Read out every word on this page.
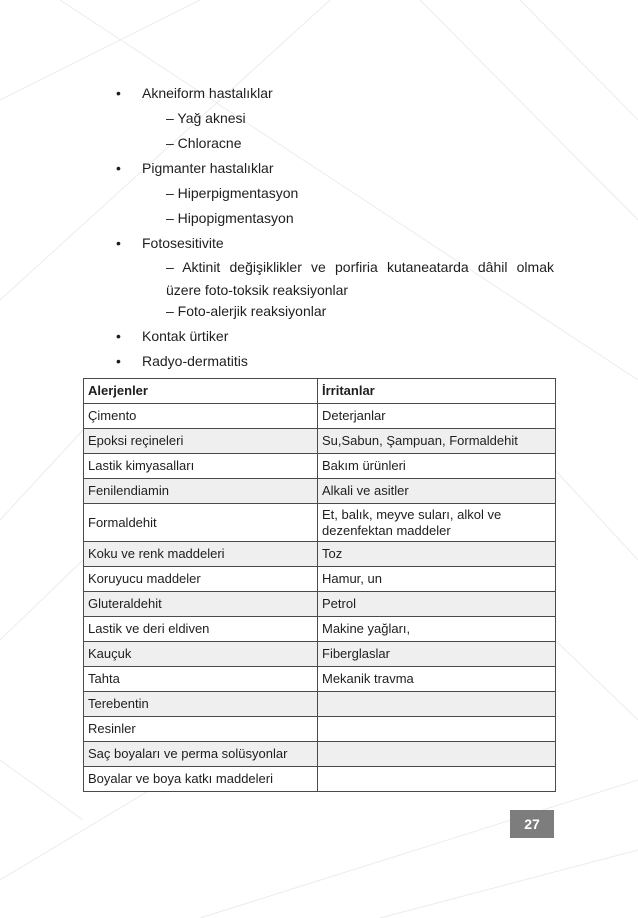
• Akneiform hastalıklar
– Yağ aknesi
– Chloracne
• Pigmanter hastalıklar
– Hiperpigmentasyon
– Hipopigmentasyon
• Fotosesitivite
– Aktinit değişiklikler ve porfiria kutaneatarda dâhil olmak üzere foto-toksik reaksiyonlar
– Foto-alerjik reaksiyonlar
• Kontak ürtiker
• Radyo-dermatitis
Alerjenler	İrritanlar
Çimento	Deterjanlar
Epoksi reçineleri	Su,Sabun, Şampuan, Formaldehit
Lastik kimyasalları	Bakım ürünleri
Fenilendiamin	Alkali ve asitler
Formaldehit	Et, balık, meyve suları, alkol ve dezenfektan maddeler
Koku ve renk maddeleri	Toz
Koruyucu maddeler	Hamur, un
Gluteraldehit	Petrol
Lastik ve deri eldiven	Makine yağları,
Kauçuk	Fiberglaslar
Tahta	Mekanik travma
Terebentin	
Resinler	
Saç boyaları ve perma solüsyonlar	
Boyalar ve boya katkı maddeleri	
27
